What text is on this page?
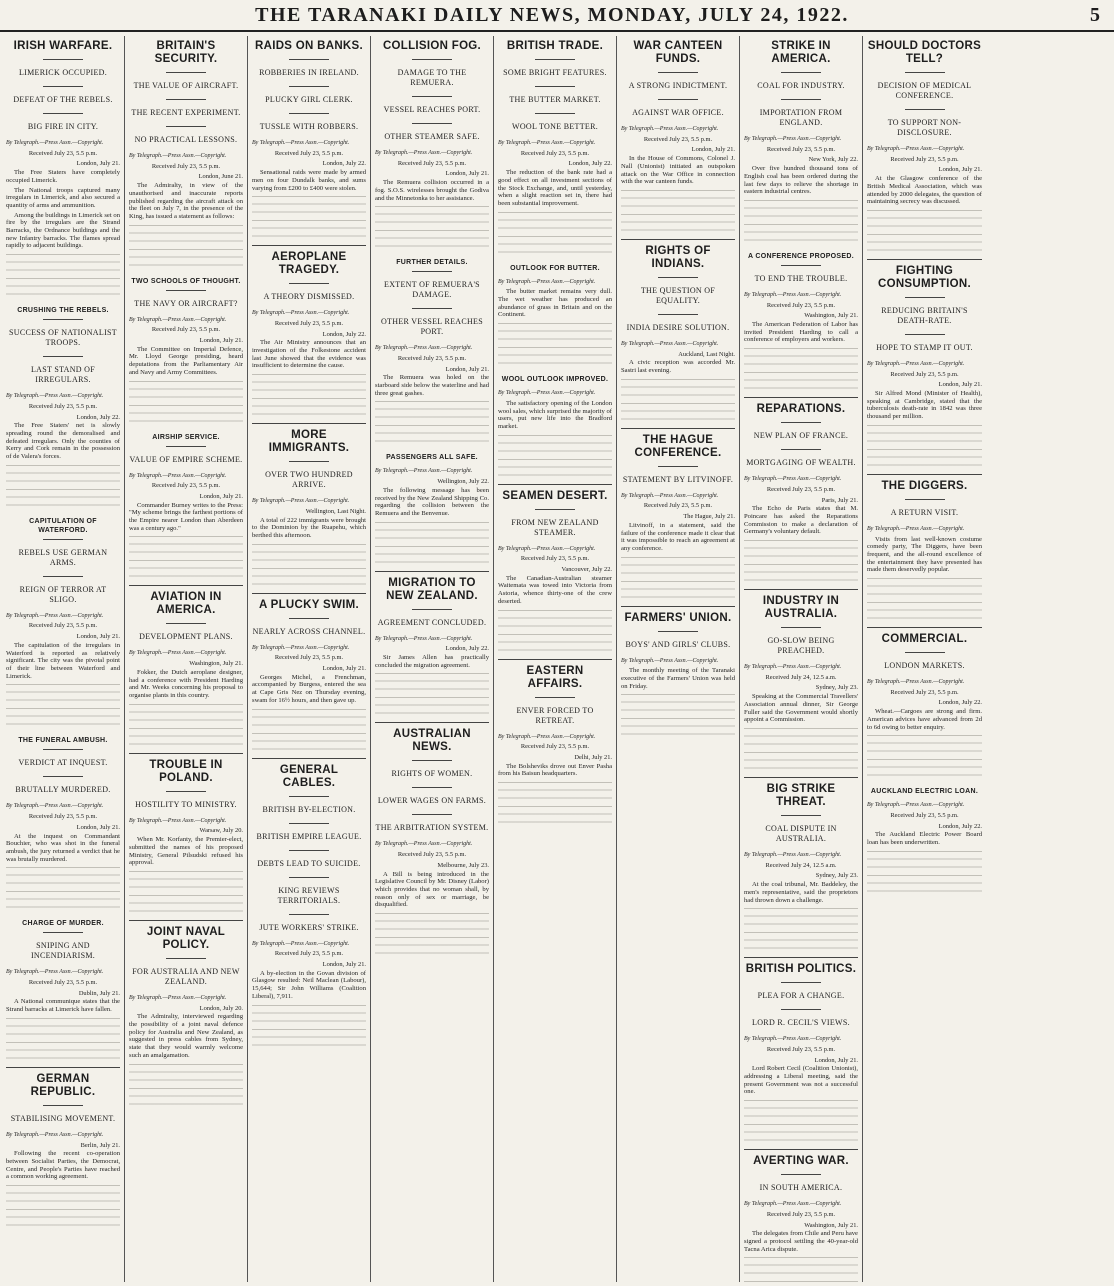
THE TARANAKI DAILY NEWS, MONDAY, JULY 24, 1922.	5
IRISH WARFARE.
LIMERICK OCCUPIED.
DEFEAT OF THE REBELS.
BIG FIRE IN CITY.
By Telegraph.—Press Assn.—Copyright.
Received July 23, 5.5 p.m.
London, July 21.

The Free Staters have completely occupied Limerick.

The National troops captured many irregulars in Limerick, and also secured a quantity of arms and ammunition.

Among the buildings in Limerick set on fire by the irregulars are the Strand Barracks, the Ordnance buildings and the new Infantry barracks. The flames spread rapidly to adjacent buildings.

CRUSHING THE REBELS.
SUCCESS OF NATIONALIST TROOPS.
LAST STAND OF IRREGULARS.
By Telegraph.—Press Assn.—Copyright.
Received July 23, 5.5 p.m.
London, July 22.

The Free Staters' net is slowly spreading round the demoralised and defeated irregulars. Only the counties of Kerry and Cork remain in the possession of de Valera's forces.

CAPITULATION OF WATERFORD.
REBELS USE GERMAN ARMS.
REIGN OF TERROR AT SLIGO.
By Telegraph.—Press Assn.—Copyright.
Received July 23, 5.5 p.m.
London, July 21.

The capitulation of the irregulars in Waterford is reported as relatively significant. The city was the pivotal point of their line between Waterford and Limerick.

THE FUNERAL AMBUSH.
VERDICT AT INQUEST.
BRUTALLY MURDERED.
By Telegraph.—Press Assn.—Copyright.
Received July 23, 5.5 p.m.
London, July 21.

At the inquest on Commandant Bouchier, who was shot in the funeral ambush, the jury returned a verdict that he was brutally murdered.

CHARGE OF MURDER.
SNIPING AND INCENDIARISM.
By Telegraph.—Press Assn.—Copyright.
Received July 23, 5.5 p.m.
Dublin, July 21.

A National communique states that the Strand barracks at Limerick have fallen.

GERMAN REPUBLIC.
STABILISING MOVEMENT.
By Telegraph.—Press Assn.—Copyright.
Berlin, July 21.

Following the recent co-operation between Socialist Parties, the Democrat, Centre, and People's Parties have reached a common working agreement.

BRITAIN'S SECURITY.
THE VALUE OF AIRCRAFT.
THE RECENT EXPERIMENT.
NO PRACTICAL LESSONS.
By Telegraph.—Press Assn.—Copyright.
Received July 23, 5.5 p.m.
London, June 21.

The Admiralty, in view of the unauthorised and inaccurate reports published regarding the aircraft attack on the fleet on July 7, in the presence of the King, has issued a statement as follows:

TWO SCHOOLS OF THOUGHT.
THE NAVY OR AIRCRAFT?
By Telegraph.—Press Assn.—Copyright.
Received July 23, 5.5 p.m.
London, July 21.

The Committee on Imperial Defence, Mr. Lloyd George presiding, heard deputations from the Parliamentary Air and Navy and Army Committees.

AIRSHIP SERVICE.
VALUE OF EMPIRE SCHEME.
By Telegraph.—Press Assn.—Copyright.
Received July 23, 5.5 p.m.
London, July 21.

Commander Burney writes to the Press: "My scheme brings the farthest portions of the Empire nearer London than Aberdeen was a century ago."

AVIATION IN AMERICA.
DEVELOPMENT PLANS.
By Telegraph.—Press Assn.—Copyright.
Washington, July 21.

Fokker, the Dutch aeroplane designer, had a conference with President Harding and Mr. Weeks concerning his proposal to organise plants in this country.

TROUBLE IN POLAND.
HOSTILITY TO MINISTRY.
By Telegraph.—Press Assn.—Copyright.
Warsaw, July 20.

When Mr. Korfanty, the Premier-elect, submitted the names of his proposed Ministry, General Pilsudski refused his approval.

JOINT NAVAL POLICY.
FOR AUSTRALIA AND NEW ZEALAND.
By Telegraph.—Press Assn.—Copyright.
London, July 20.

The Admiralty, interviewed regarding the possibility of a joint naval defence policy for Australia and New Zealand, as suggested in press cables from Sydney, state that they would warmly welcome such an amalgamation.

RAIDS ON BANKS.
ROBBERIES IN IRELAND.
PLUCKY GIRL CLERK.
TUSSLE WITH ROBBERS.
By Telegraph.—Press Assn.—Copyright.
Received July 23, 5.5 p.m.
London, July 22.

Sensational raids were made by armed men on four Dundalk banks, and sums varying from £200 to £400 were stolen.

AEROPLANE TRAGEDY.
A THEORY DISMISSED.
By Telegraph.—Press Assn.—Copyright.
Received July 23, 5.5 p.m.
London, July 22.

The Air Ministry announces that an investigation of the Folkestone accident last June showed that the evidence was insufficient to determine the cause.

MORE IMMIGRANTS.
OVER TWO HUNDRED ARRIVE.
By Telegraph.—Press Assn.—Copyright.
Wellington, Last Night.

A total of 222 immigrants were brought to the Dominion by the Ruapehu, which berthed this afternoon.

A PLUCKY SWIM.
NEARLY ACROSS CHANNEL.
By Telegraph.—Press Assn.—Copyright.
Received July 23, 5.5 p.m.
London, July 21.

Georges Michel, a Frenchman, accompanied by Burgess, entered the sea at Cape Gris Nez on Thursday evening, swam for 16½ hours, and then gave up.

GENERAL CABLES.
BRITISH BY-ELECTION.
BRITISH EMPIRE LEAGUE.
DEBTS LEAD TO SUICIDE.
KING REVIEWS TERRITORIALS.
JUTE WORKERS' STRIKE.
By Telegraph.—Press Assn.—Copyright.
Received July 23, 5.5 p.m.
London, July 21.

A by-election in the Govan division of Glasgow resulted: Neil Maclean (Labour), 15,644; Sir John Williams (Coalition Liberal), 7,911.

COLLISION FOG.
DAMAGE TO THE REMUERA.
VESSEL REACHES PORT.
OTHER STEAMER SAFE.
By Telegraph.—Press Assn.—Copyright.
Received July 23, 5.5 p.m.
London, July 21.

The Remuera collision occurred in a fog. S.O.S. wirelesses brought the Godiva and the Minnetonka to her assistance.

FURTHER DETAILS.
EXTENT OF REMUERA'S DAMAGE.
OTHER VESSEL REACHES PORT.
By Telegraph.—Press Assn.—Copyright.
Received July 23, 5.5 p.m.
London, July 21.

The Remuera was holed on the starboard side below the waterline and had three great gashes.

PASSENGERS ALL SAFE.
By Telegraph.—Press Assn.—Copyright.
Wellington, July 22.

The following message has been received by the New Zealand Shipping Co. regarding the collision between the Remuera and the Benvenue.

MIGRATION TO NEW ZEALAND.
AGREEMENT CONCLUDED.
By Telegraph.—Press Assn.—Copyright.
London, July 22.

Sir James Allen has practically concluded the migration agreement.

AUSTRALIAN NEWS.
RIGHTS OF WOMEN.
LOWER WAGES ON FARMS.
THE ARBITRATION SYSTEM.
By Telegraph.—Press Assn.—Copyright.
Received July 23, 5.5 p.m.
Melbourne, July 23.

A Bill is being introduced in the Legislative Council by Mr. Disney (Labor) which provides that no woman shall, by reason only of sex or marriage, be disqualified.

BRITISH TRADE.
SOME BRIGHT FEATURES.
THE BUTTER MARKET.
WOOL TONE BETTER.
By Telegraph.—Press Assn.—Copyright.
Received July 23, 5.5 p.m.
London, July 22.

The reduction of the bank rate had a good effect on all investment sections of the Stock Exchange, and, until yesterday, when a slight reaction set in, there had been substantial improvement.

OUTLOOK FOR BUTTER.
By Telegraph.—Press Assn.—Copyright.

The butter market remains very dull. The wet weather has produced an abundance of grass in Britain and on the Continent.

WOOL OUTLOOK IMPROVED.
By Telegraph.—Press Assn.—Copyright.

The satisfactory opening of the London wool sales, which surprised the majority of users, put new life into the Bradford market.

SEAMEN DESERT.
FROM NEW ZEALAND STEAMER.
By Telegraph.—Press Assn.—Copyright.
Received July 23, 5.5 p.m.
Vancouver, July 22.

The Canadian-Australian steamer Waitemata was towed into Victoria from Astoria, whence thirty-one of the crew deserted.

EASTERN AFFAIRS.
ENVER FORCED TO RETREAT.
By Telegraph.—Press Assn.—Copyright.
Received July 23, 5.5 p.m.
Delhi, July 21.

The Bolsheviks drove out Enver Pasha from his Baisun headquarters.

WAR CANTEEN FUNDS.
A STRONG INDICTMENT.
AGAINST WAR OFFICE.
By Telegraph.—Press Assn.—Copyright.
Received July 23, 5.5 p.m.
London, July 21.

In the House of Commons, Colonel J. Nall (Unionist) initiated an outspoken attack on the War Office in connection with the war canteen funds.

RIGHTS OF INDIANS.
THE QUESTION OF EQUALITY.
INDIA DESIRE SOLUTION.
By Telegraph.—Press Assn.—Copyright.
Auckland, Last Night.

A civic reception was accorded Mr. Sastri last evening.

THE HAGUE CONFERENCE.
STATEMENT BY LITVINOFF.
By Telegraph.—Press Assn.—Copyright.
Received July 23, 5.5 p.m.
The Hague, July 21.

Litvinoff, in a statement, said the failure of the conference made it clear that it was impossible to reach an agreement at any conference.

FARMERS' UNION.
BOYS' AND GIRLS' CLUBS.
By Telegraph.—Press Assn.—Copyright.

The monthly meeting of the Taranaki executive of the Farmers' Union was held on Friday.

STRIKE IN AMERICA.
COAL FOR INDUSTRY.
IMPORTATION FROM ENGLAND.
By Telegraph.—Press Assn.—Copyright.
Received July 23, 5.5 p.m.
New York, July 22.

Over five hundred thousand tons of English coal has been ordered during the last few days to relieve the shortage in eastern industrial centres.

A CONFERENCE PROPOSED.
TO END THE TROUBLE.
By Telegraph.—Press Assn.—Copyright.
Received July 23, 5.5 p.m.
Washington, July 21.

The American Federation of Labor has invited President Harding to call a conference of employers and workers.

REPARATIONS.
NEW PLAN OF FRANCE.
MORTGAGING OF WEALTH.
By Telegraph.—Press Assn.—Copyright.
Received July 23, 5.5 p.m.
Paris, July 21.

The Echo de Paris states that M. Poincare has asked the Reparations Commission to make a declaration of Germany's voluntary default.

INDUSTRY IN AUSTRALIA.
GO-SLOW BEING PREACHED.
By Telegraph.—Press Assn.—Copyright.
Received July 24, 12.5 a.m.
Sydney, July 23.

Speaking at the Commercial Travellers' Association annual dinner, Sir George Fuller said the Government would shortly appoint a Commission.

BIG STRIKE THREAT.
COAL DISPUTE IN AUSTRALIA.
By Telegraph.—Press Assn.—Copyright.
Received July 24, 12.5 a.m.
Sydney, July 23.

At the coal tribunal, Mr. Baddeley, the men's representative, said the proprietors had thrown down a challenge.

BRITISH POLITICS.
PLEA FOR A CHANGE.
LORD R. CECIL'S VIEWS.
By Telegraph.—Press Assn.—Copyright.
Received July 23, 5.5 p.m.
London, July 21.

Lord Robert Cecil (Coalition Unionist), addressing a Liberal meeting, said the present Government was not a successful one.

AVERTING WAR.
IN SOUTH AMERICA.
By Telegraph.—Press Assn.—Copyright.
Received July 23, 5.5 p.m.
Washington, July 21.

The delegates from Chile and Peru have signed a protocol settling the 40-year-old Tacna Arica dispute.

SHOULD DOCTORS TELL?
DECISION OF MEDICAL CONFERENCE.
TO SUPPORT NON-DISCLOSURE.
By Telegraph.—Press Assn.—Copyright.
Received July 23, 5.5 p.m.
London, July 21.

At the Glasgow conference of the British Medical Association, which was attended by 2000 delegates, the question of maintaining secrecy was discussed.

FIGHTING CONSUMPTION.
REDUCING BRITAIN'S DEATH-RATE.
HOPE TO STAMP IT OUT.
By Telegraph.—Press Assn.—Copyright.
Received July 23, 5.5 p.m.
London, July 21.

Sir Alfred Mond (Minister of Health), speaking at Cambridge, stated that the tuberculosis death-rate in 1842 was three thousand per million.

THE DIGGERS.
A RETURN VISIT.
By Telegraph.—Press Assn.—Copyright.

Visits from last well-known costume comedy party, The Diggers, have been frequent, and the all-round excellence of the entertainment they have presented has made them deservedly popular.

COMMERCIAL.
LONDON MARKETS.
By Telegraph.—Press Assn.—Copyright.
Received July 23, 5.5 p.m.
London, July 22.

Wheat.—Cargoes are strong and firm. American advices have advanced from 2d to 6d owing to better enquiry.

AUCKLAND ELECTRIC LOAN.
By Telegraph.—Press Assn.—Copyright.
Received July 23, 5.5 p.m.
London, July 22.

The Auckland Electric Power Board loan has been underwritten.
